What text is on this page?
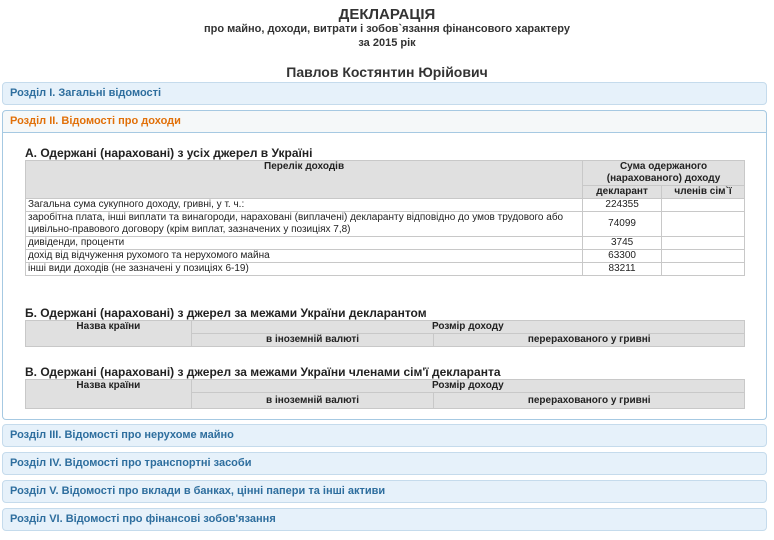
ДЕКЛАРАЦІЯ
про майно, доходи, витрати і зобов`язання фінансового характеру
за 2015 рік
Павлов Костянтин Юрійович
Розділ І. Загальні відомості
Розділ ІІ. Відомості про доходи
А. Одержані (нараховані) з усіх джерел в Україні
Перелік доходів	Сума одержаного (нарахованого) доходу	
	декларант	членів сім`ї
Загальна сума сукупного доходу, гривні, у т. ч.:	224355	
заробітна плата, інші виплати та винагороди, нараховані (виплачені) декларанту відповідно до умов трудового або цивільно-правового договору (крім виплат, зазначених у позиціях 7,8)	74099	
дивіденди, проценти	3745	
дохід від відчуження рухомого та нерухомого майна	63300	
інші види доходів (не зазначені у позиціях 6-19)	83211	
Б. Одержані (нараховані) з джерел за межами України декларантом
Назва країни	Розмір доходу	
	в іноземній валюті	перерахованого у гривні
В. Одержані (нараховані) з джерел за межами України членами сім'ї декларанта
Назва країни	Розмір доходу	
	в іноземній валюті	перерахованого у гривні
Розділ ІІІ. Відомості про нерухоме майно
Розділ ІV. Відомості про транспортні засоби
Розділ V. Відомості про вклади в банках, цінні папери та інші активи
Розділ VІ. Відомості про фінансові зобов'язання
